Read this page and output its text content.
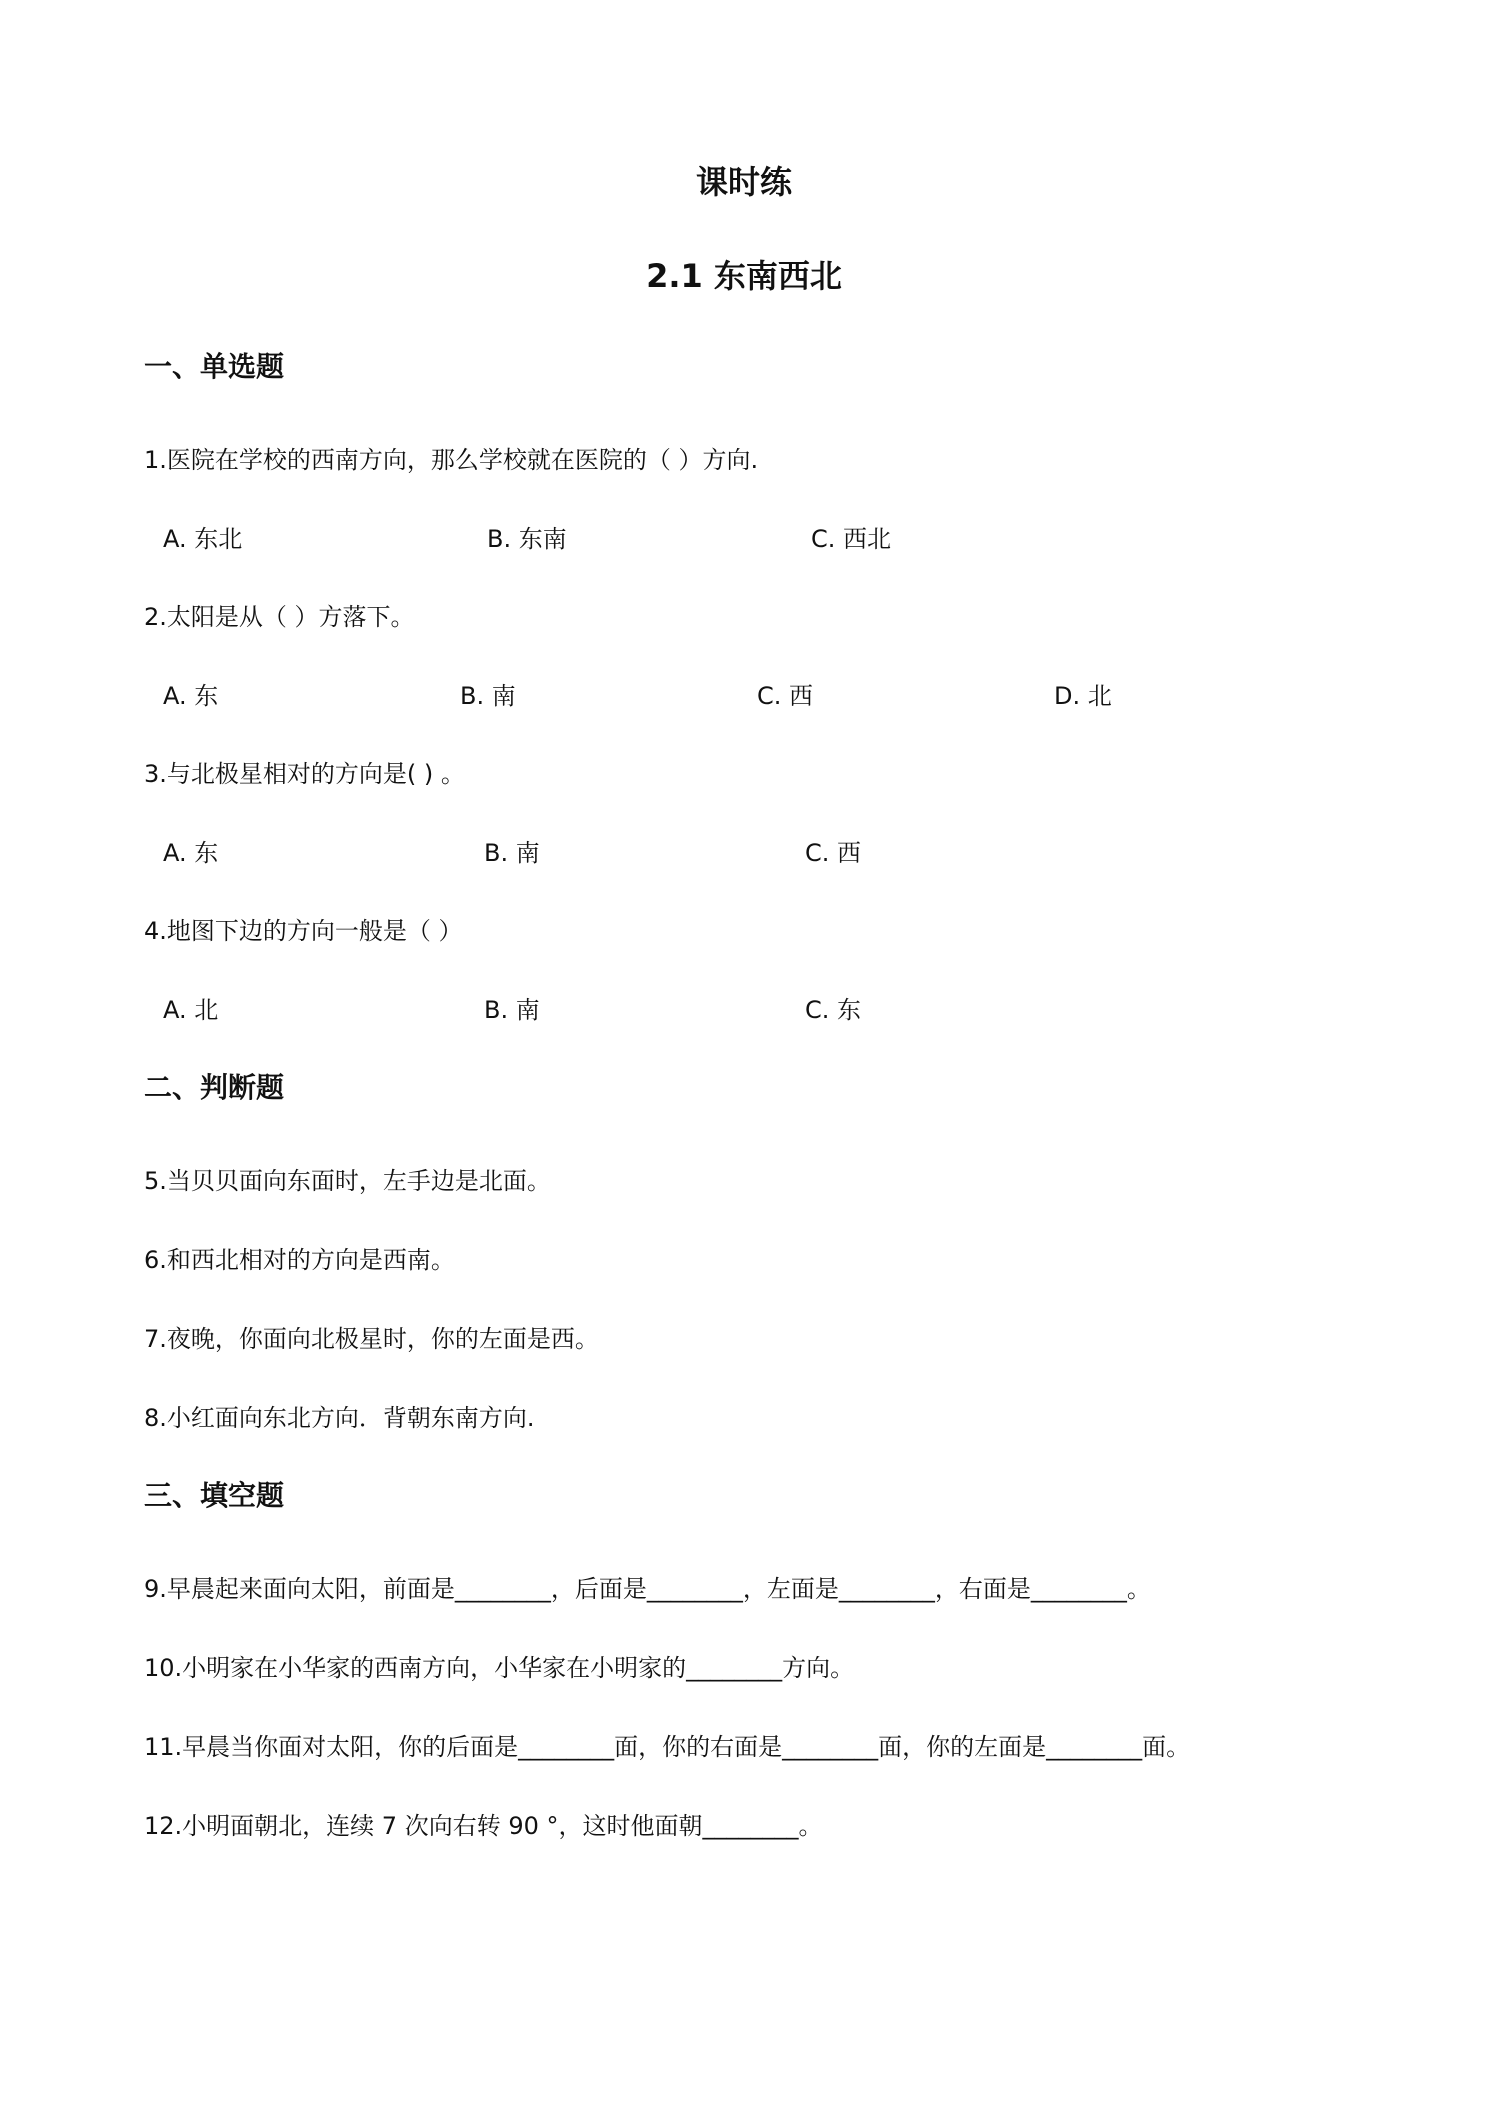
课时练
2.1 东南西北
一、单选题
1.医院在学校的西南方向，那么学校就在医院的（ ）方向.
A. 东北	B. 东南	C. 西北
2.太阳是从（ ）方落下。
A. 东	B. 南	C. 西	D. 北
3.与北极星相对的方向是( ) 。
A. 东	B. 南	C. 西
4.地图下边的方向一般是（ ）
A. 北	B. 南	C. 东
二、判断题
5.当贝贝面向东面时，左手边是北面。
6.和西北相对的方向是西南。
7.夜晚，你面向北极星时，你的左面是西。
8.小红面向东北方向．背朝东南方向.
三、填空题
9.早晨起来面向太阳，前面是________，后面是________，左面是________，右面是________。
10.小明家在小华家的西南方向，小华家在小明家的________方向。
11.早晨当你面对太阳，你的后面是________面，你的右面是________面，你的左面是________面。
12.小明面朝北，连续 7 次向右转 90 °，这时他面朝________。
